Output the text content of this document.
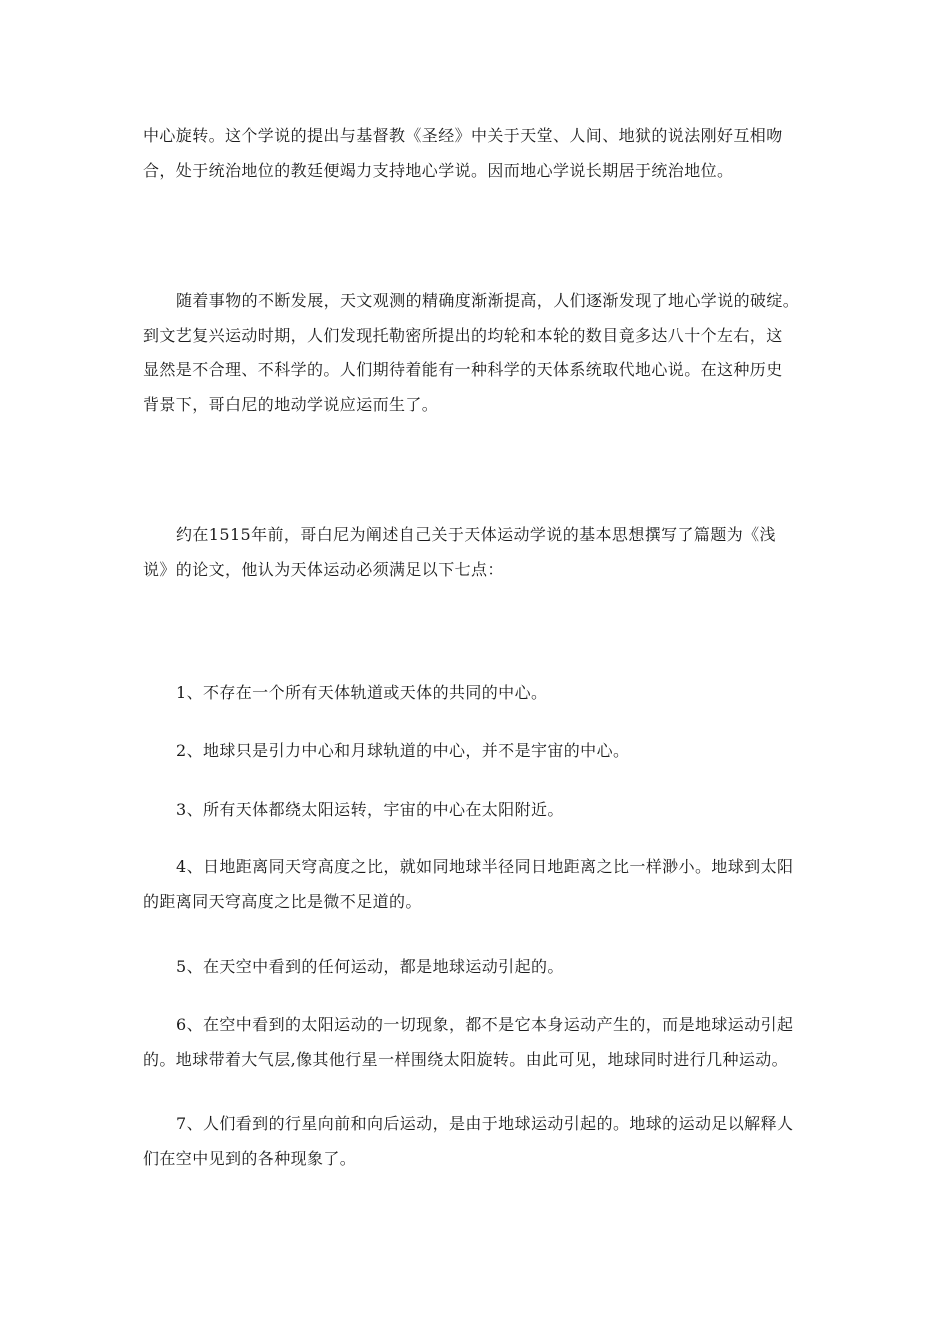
中心旋转。这个学说的提出与基督教《圣经》中关于天堂、人间、地狱的说法刚好互相吻
合，处于统治地位的教廷便竭力支持地心学说。因而地心学说长期居于统治地位。

随着事物的不断发展，天文观测的精确度渐渐提高，人们逐渐发现了地心学说的破绽。
到文艺复兴运动时期，人们发现托勒密所提出的均轮和本轮的数目竟多达八十个左右，这
显然是不合理、不科学的。人们期待着能有一种科学的天体系统取代地心说。在这种历史
背景下，哥白尼的地动学说应运而生了。

约在1515年前，哥白尼为阐述自己关于天体运动学说的基本思想撰写了篇题为《浅
说》的论文，他认为天体运动必须满足以下七点：

1、不存在一个所有天体轨道或天体的共同的中心。

2、地球只是引力中心和月球轨道的中心，并不是宇宙的中心。

3、所有天体都绕太阳运转，宇宙的中心在太阳附近。

4、日地距离同天穹高度之比，就如同地球半径同日地距离之比一样渺小。地球到太阳
的距离同天穹高度之比是微不足道的。

5、在天空中看到的任何运动，都是地球运动引起的。

6、在空中看到的太阳运动的一切现象，都不是它本身运动产生的，而是地球运动引起
的。地球带着大气层,像其他行星一样围绕太阳旋转。由此可见，地球同时进行几种运动。

7、人们看到的行星向前和向后运动，是由于地球运动引起的。地球的运动足以解释人
们在空中见到的各种现象了。
